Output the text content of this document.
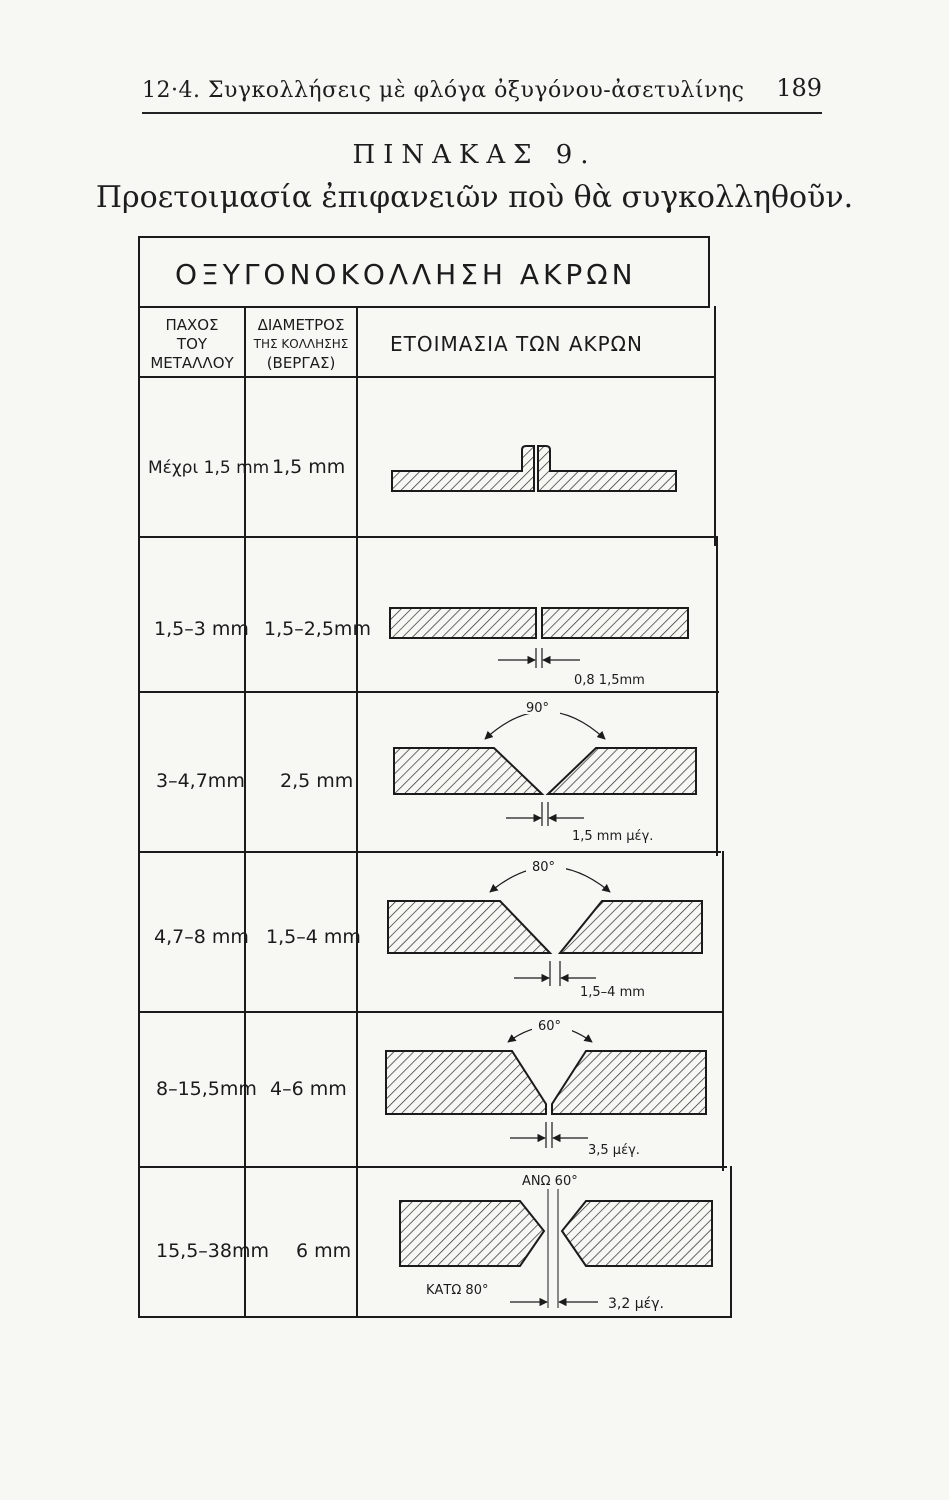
12·4. Συγκολλήσεις μὲ φλόγα ὀξυγόνου-ἀσετυλίνης 189
ΠΙΝΑΚΑΣ 9.
Προετοιμασία ἐπιφανειῶν ποὺ θὰ συγκολληθοῦν.
ΟΞΥΓΟΝΟΚΟΛΛΗΣΗ ΑΚΡΩΝ
ΠΑΧΟΣ
ΤΟΥ
ΜΕΤΑΛΛΟΥ
ΔΙΑΜΕΤΡΟΣ
ΤΗΣ ΚΟΛΛΗΣΗΣ
(ΒΕΡΓΑΣ)
ΕΤΟΙΜΑΣΙΑ ΤΩΝ ΑΚΡΩΝ
Μέχρι 1,5 mm 1,5 mm
1,5–3 mm 1,5–2,5mm
3–4,7mm 2,5 mm
4,7–8 mm 1,5–4 mm
8–15,5mm 4–6 mm
15,5–38mm 6 mm
0,8 1,5mm
90°
1,5 mm μέγ.
80°
1,5–4 mm
60°
3,5 μέγ.
ΑΝΩ 60°
ΚΑΤΩ 80°
3,2 μέγ.
